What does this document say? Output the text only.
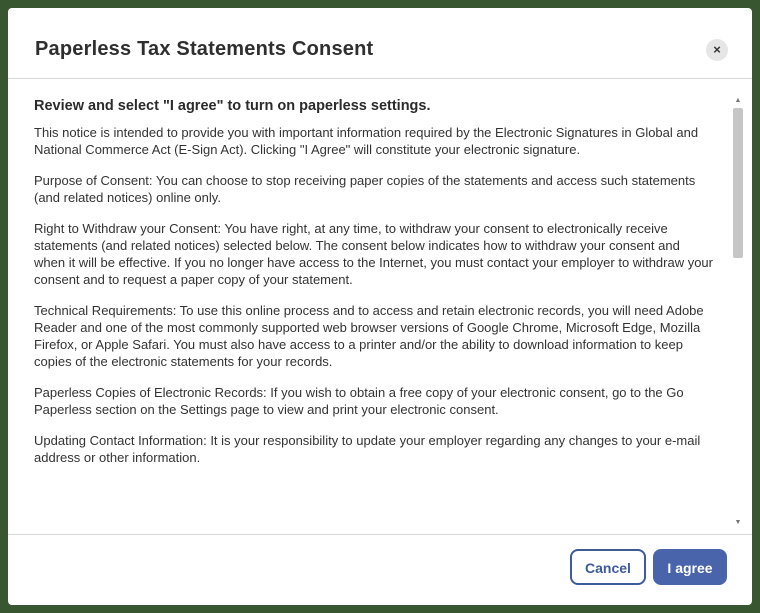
Paperless Tax Statements Consent	×
Review and select "I agree" to turn on paperless settings.

This notice is intended to provide you with important information required by the Electronic Signatures in Global and National Commerce Act (E-Sign Act). Clicking "I Agree" will constitute your electronic signature.

Purpose of Consent: You can choose to stop receiving paper copies of the statements and access such statements (and related notices) online only.

Right to Withdraw your Consent: You have right, at any time, to withdraw your consent to electronically receive statements (and related notices) selected below. The consent below indicates how to withdraw your consent and when it will be effective. If you no longer have access to the Internet, you must contact your employer to withdraw your consent and to request a paper copy of your statement.

Technical Requirements: To use this online process and to access and retain electronic records, you will need Adobe Reader and one of the most commonly supported web browser versions of Google Chrome, Microsoft Edge, Mozilla Firefox, or Apple Safari. You must also have access to a printer and/or the ability to download information to keep copies of the electronic statements for your records.

Paperless Copies of Electronic Records: If you wish to obtain a free copy of your electronic consent, go to the Go Paperless section on the Settings page to view and print your electronic consent.

Updating Contact Information: It is your responsibility to update your employer regarding any changes to your e-mail address or other information.

▲
▼
Cancel	I agree
